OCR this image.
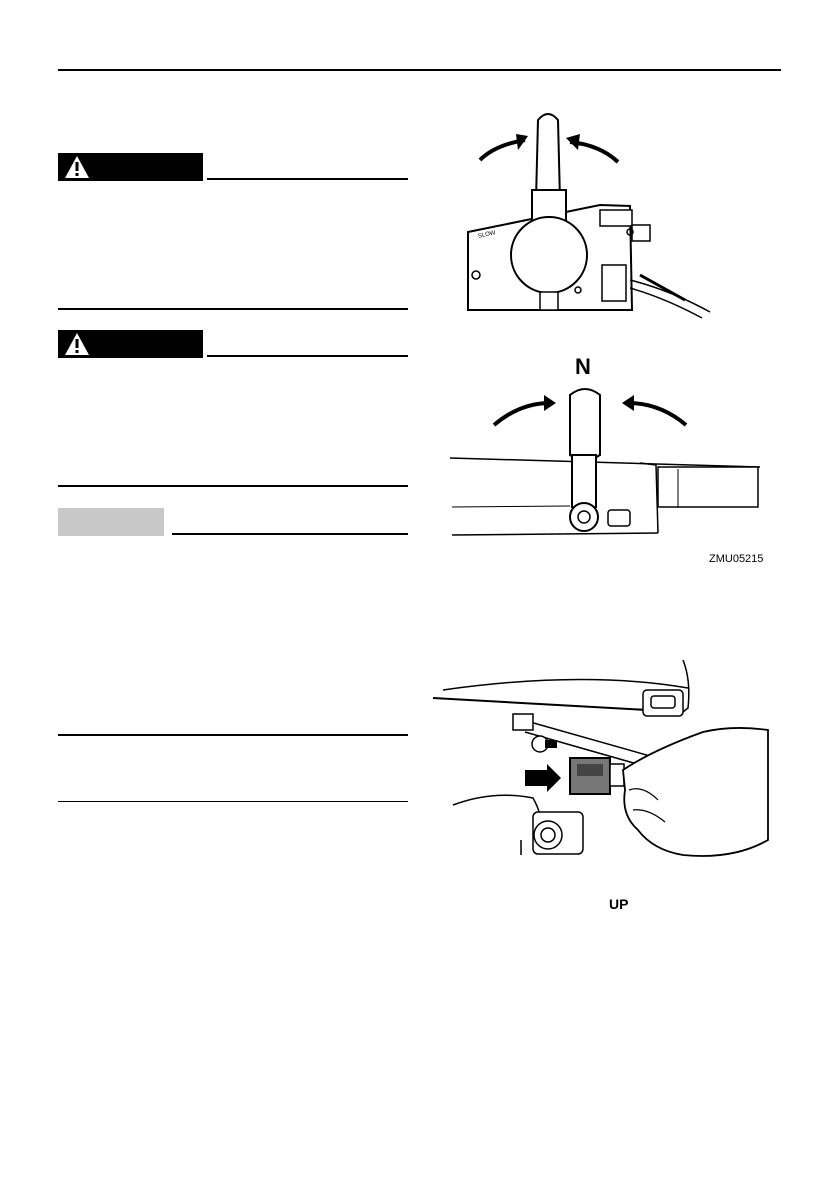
SLOW
N
ZMU05215
UP
